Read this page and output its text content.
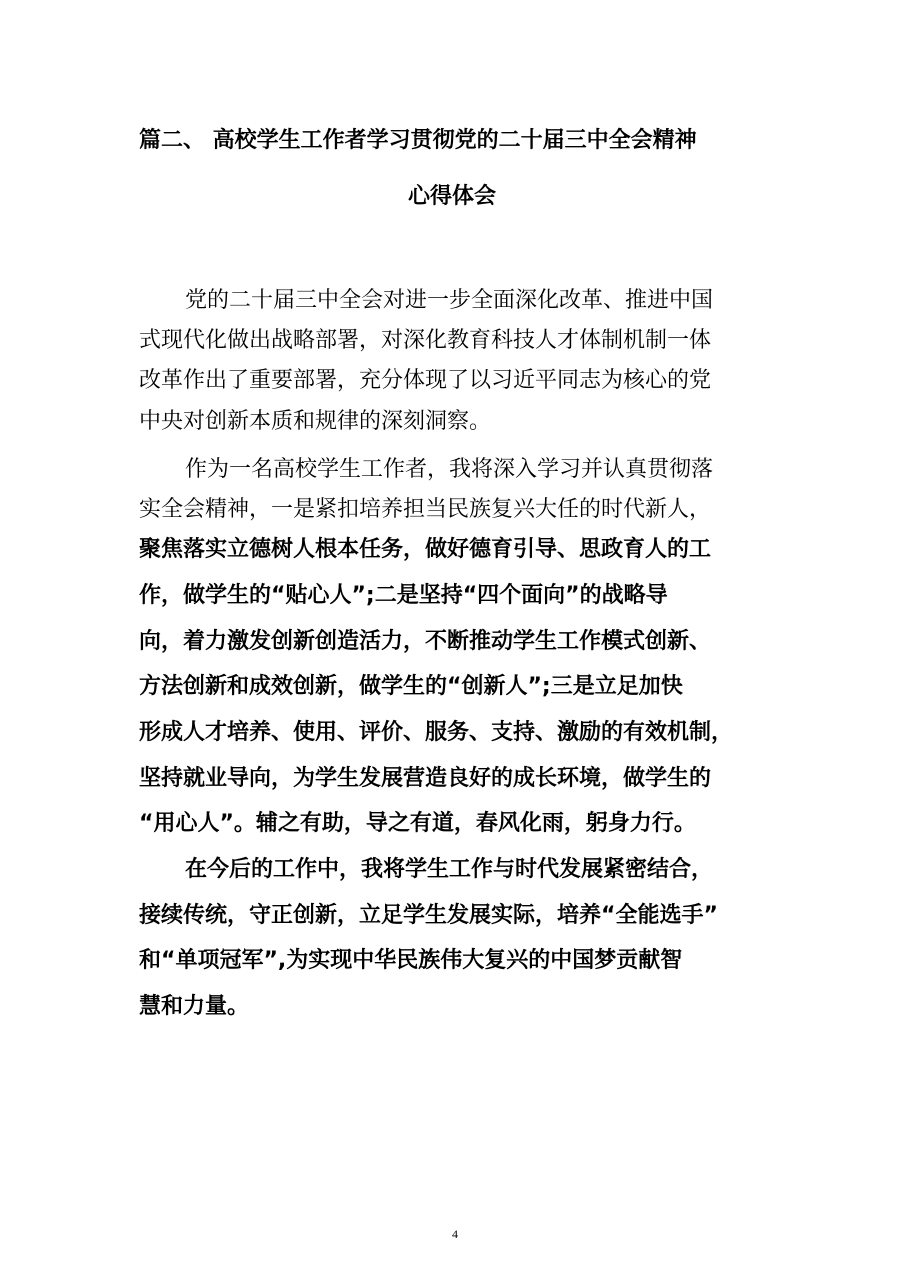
篇二、 高校学生工作者学习贯彻党的二十届三中全会精神
心得体会

党的二十届三中全会对进一步全面深化改革、推进中国

式现代化做出战略部署，对深化教育科技人才体制机制一体

改革作出了重要部署，充分体现了以习近平同志为核心的党

中央对创新本质和规律的深刻洞察。

作为一名高校学生工作者，我将深入学习并认真贯彻落

实全会精神，一是紧扣培养担当民族复兴大任的时代新人，

聚焦落实立德树人根本任务，做好德育引导、思政育人的工

作，做学生的“贴心人”;二是坚持“四个面向”的战略导

向，着力激发创新创造活力，不断推动学生工作模式创新、

方法创新和成效创新，做学生的“创新人”;三是立足加快

形成人才培养、使用、评价、服务、支持、激励的有效机制，

坚持就业导向，为学生发展营造良好的成长环境，做学生的

“用心人”。辅之有助，导之有道，春风化雨，躬身力行。

在今后的工作中，我将学生工作与时代发展紧密结合，

接续传统，守正创新，立足学生发展实际，培养“全能选手”

和“单项冠军”,为实现中华民族伟大复兴的中国梦贡献智

慧和力量。

4
